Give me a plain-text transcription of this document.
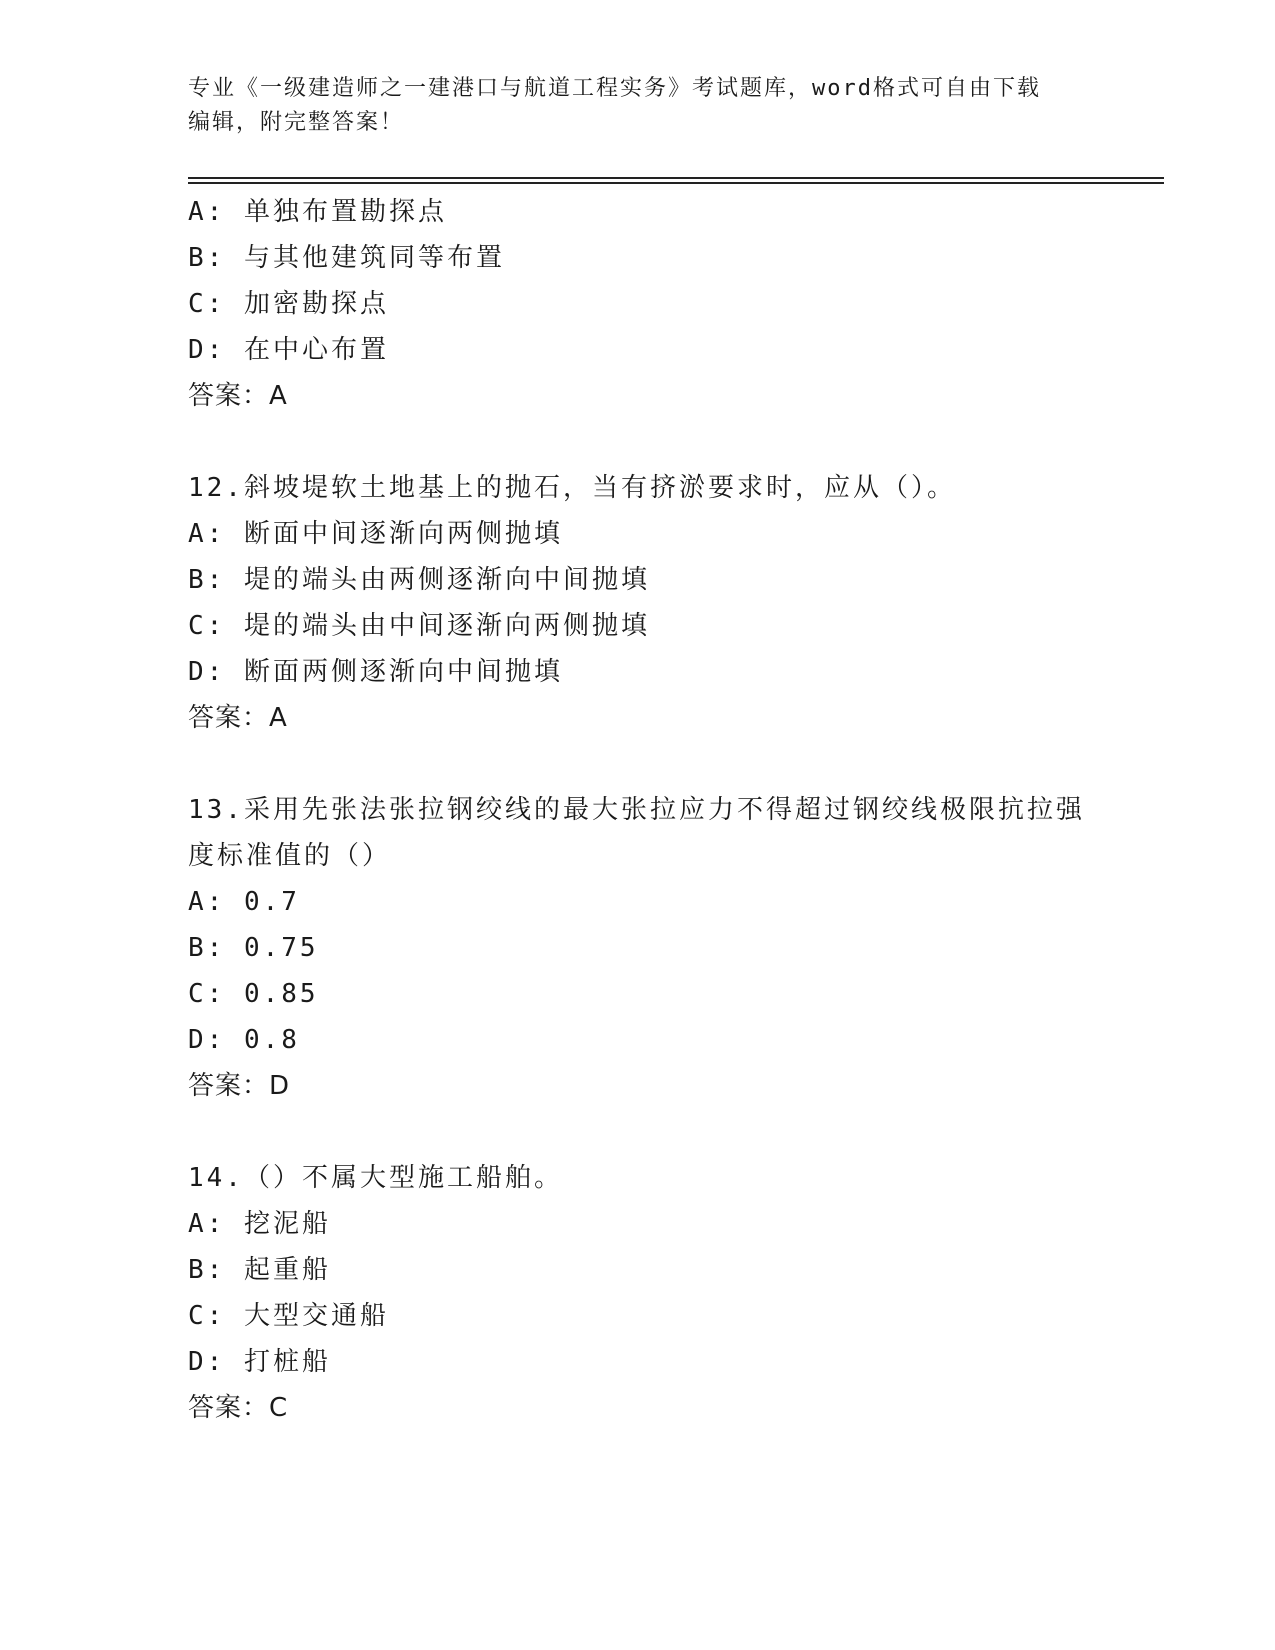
专业《一级建造师之一建港口与航道工程实务》考试题库，word格式可自由下载
编辑，附完整答案！
A: 单独布置勘探点
B: 与其他建筑同等布置
C: 加密勘探点
D: 在中心布置
答案：A
12.斜坡堤软土地基上的抛石，当有挤淤要求时，应从（）。
A: 断面中间逐渐向两侧抛填
B: 堤的端头由两侧逐渐向中间抛填
C: 堤的端头由中间逐渐向两侧抛填
D: 断面两侧逐渐向中间抛填
答案：A
13.采用先张法张拉钢绞线的最大张拉应力不得超过钢绞线极限抗拉强度标准值的（）
A: 0.7
B: 0.75
C: 0.85
D: 0.8
答案：D
14.（）不属大型施工船舶。
A: 挖泥船
B: 起重船
C: 大型交通船
D: 打桩船
答案：C
